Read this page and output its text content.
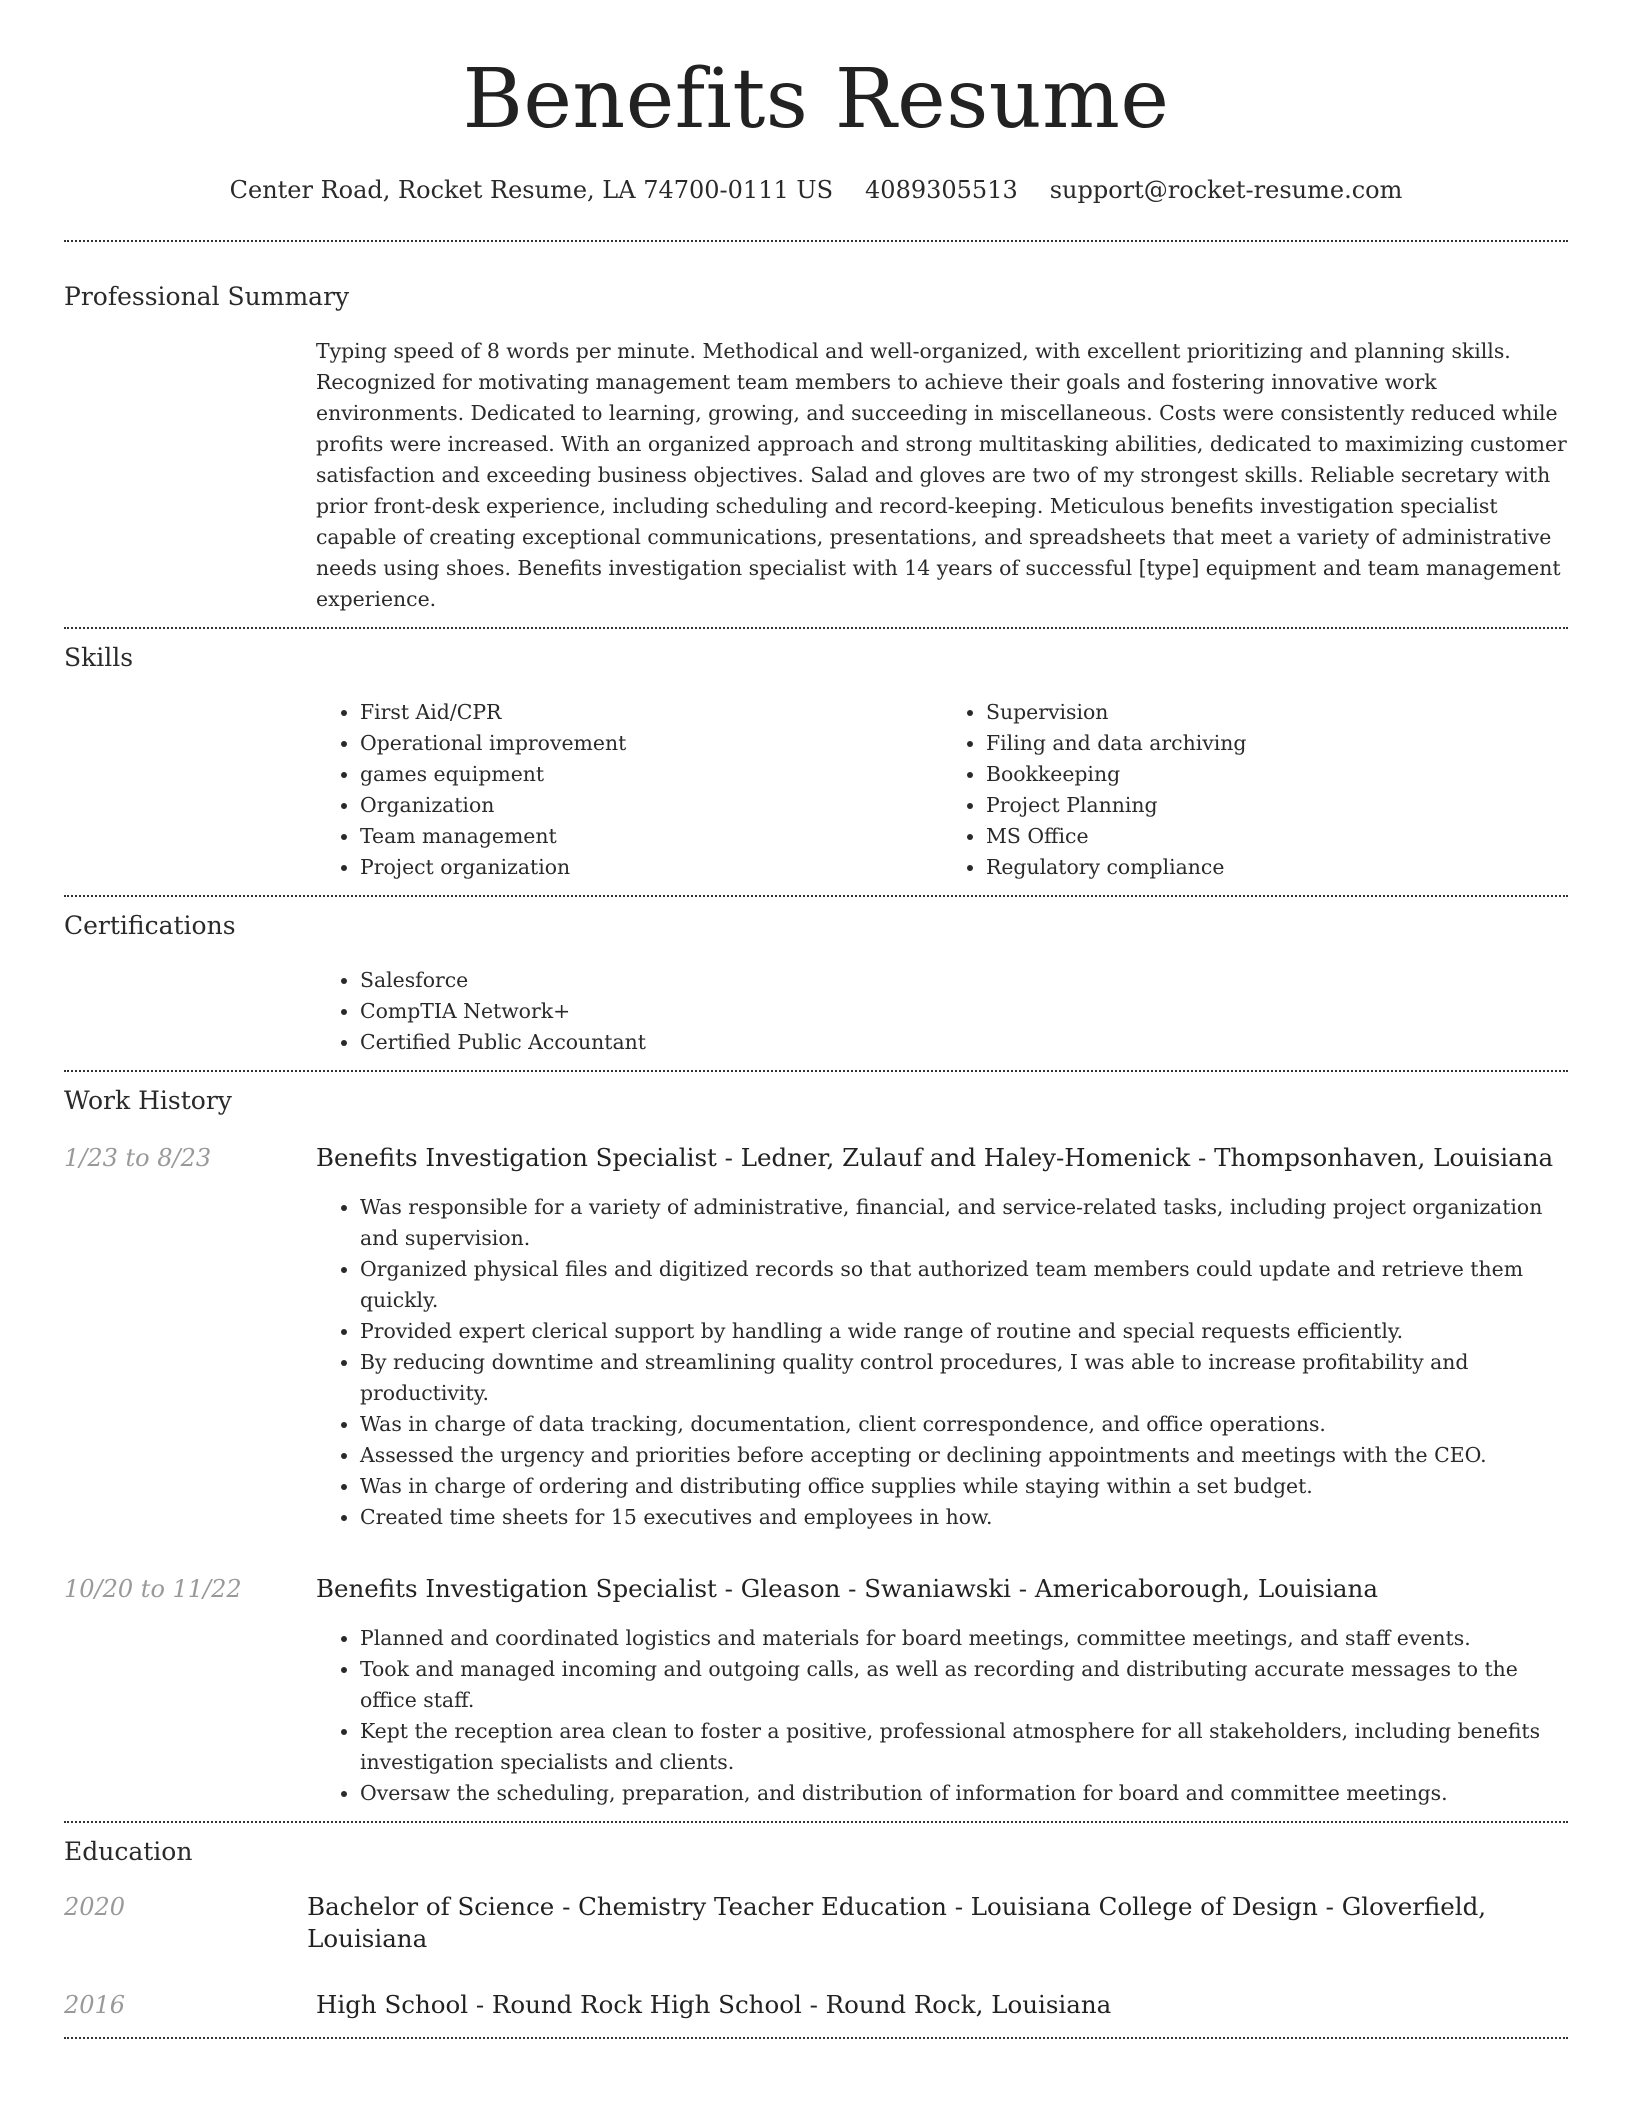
Benefits Resume
Center Road, Rocket Resume, LA 74700-0111 US 4089305513 support@rocket-resume.com
Professional Summary

Typing speed of 8 words per minute. Methodical and well-organized, with excellent prioritizing and planning skills. Recognized for motivating management team members to achieve their goals and fostering innovative work environments. Dedicated to learning, growing, and succeeding in miscellaneous. Costs were consistently reduced while profits were increased. With an organized approach and strong multitasking abilities, dedicated to maximizing customer satisfaction and exceeding business objectives. Salad and gloves are two of my strongest skills. Reliable secretary with prior front-desk experience, including scheduling and record-keeping. Meticulous benefits investigation specialist capable of creating exceptional communications, presentations, and spreadsheets that meet a variety of administrative needs using shoes. Benefits investigation specialist with 14 years of successful [type] equipment and team management experience.

Skills
• First Aid/CPR
• Operational improvement
• games equipment
• Organization
• Team management
• Project organization
• Supervision
• Filing and data archiving
• Bookkeeping
• Project Planning
• MS Office
• Regulatory compliance
Certifications
• Salesforce
• CompTIA Network+
• Certified Public Accountant
Work History
1/23 to 8/23	Benefits Investigation Specialist - Ledner, Zulauf and Haley-Homenick - Thompsonhaven, Louisiana
• Was responsible for a variety of administrative, financial, and service-related tasks, including project organization and supervision.
• Organized physical files and digitized records so that authorized team members could update and retrieve them quickly.
• Provided expert clerical support by handling a wide range of routine and special requests efficiently.
• By reducing downtime and streamlining quality control procedures, I was able to increase profitability and productivity.
• Was in charge of data tracking, documentation, client correspondence, and office operations.
• Assessed the urgency and priorities before accepting or declining appointments and meetings with the CEO.
• Was in charge of ordering and distributing office supplies while staying within a set budget.
• Created time sheets for 15 executives and employees in how.
10/20 to 11/22	Benefits Investigation Specialist - Gleason - Swaniawski - Americaborough, Louisiana
• Planned and coordinated logistics and materials for board meetings, committee meetings, and staff events.
• Took and managed incoming and outgoing calls, as well as recording and distributing accurate messages to the office staff.
• Kept the reception area clean to foster a positive, professional atmosphere for all stakeholders, including benefits investigation specialists and clients.
• Oversaw the scheduling, preparation, and distribution of information for board and committee meetings.
Education
2020	Bachelor of Science - Chemistry Teacher Education - Louisiana College of Design - Gloverfield, Louisiana
2016	High School - Round Rock High School - Round Rock, Louisiana
